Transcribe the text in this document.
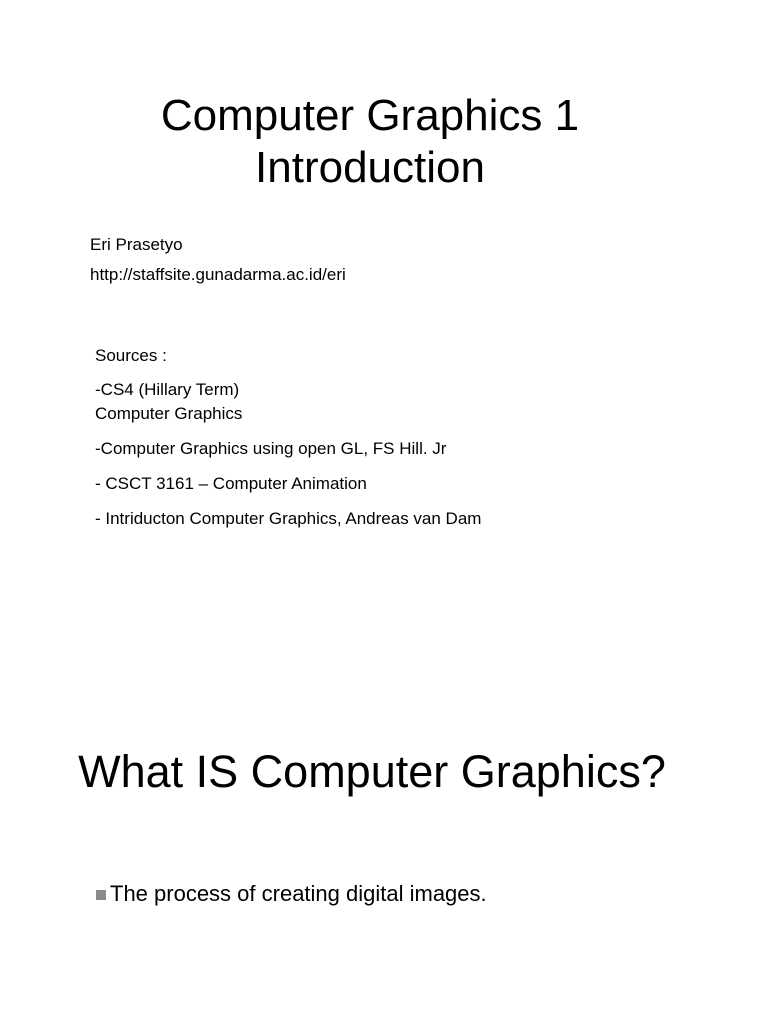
Computer Graphics 1
Introduction
Eri Prasetyo
http://staffsite.gunadarma.ac.id/eri
Sources :
-CS4 (Hillary Term)
Computer Graphics
-Computer Graphics using open GL, FS Hill. Jr
- CSCT 3161 – Computer Animation
- Intriducton Computer Graphics, Andreas van Dam
What IS Computer Graphics?
The process of creating digital images.
